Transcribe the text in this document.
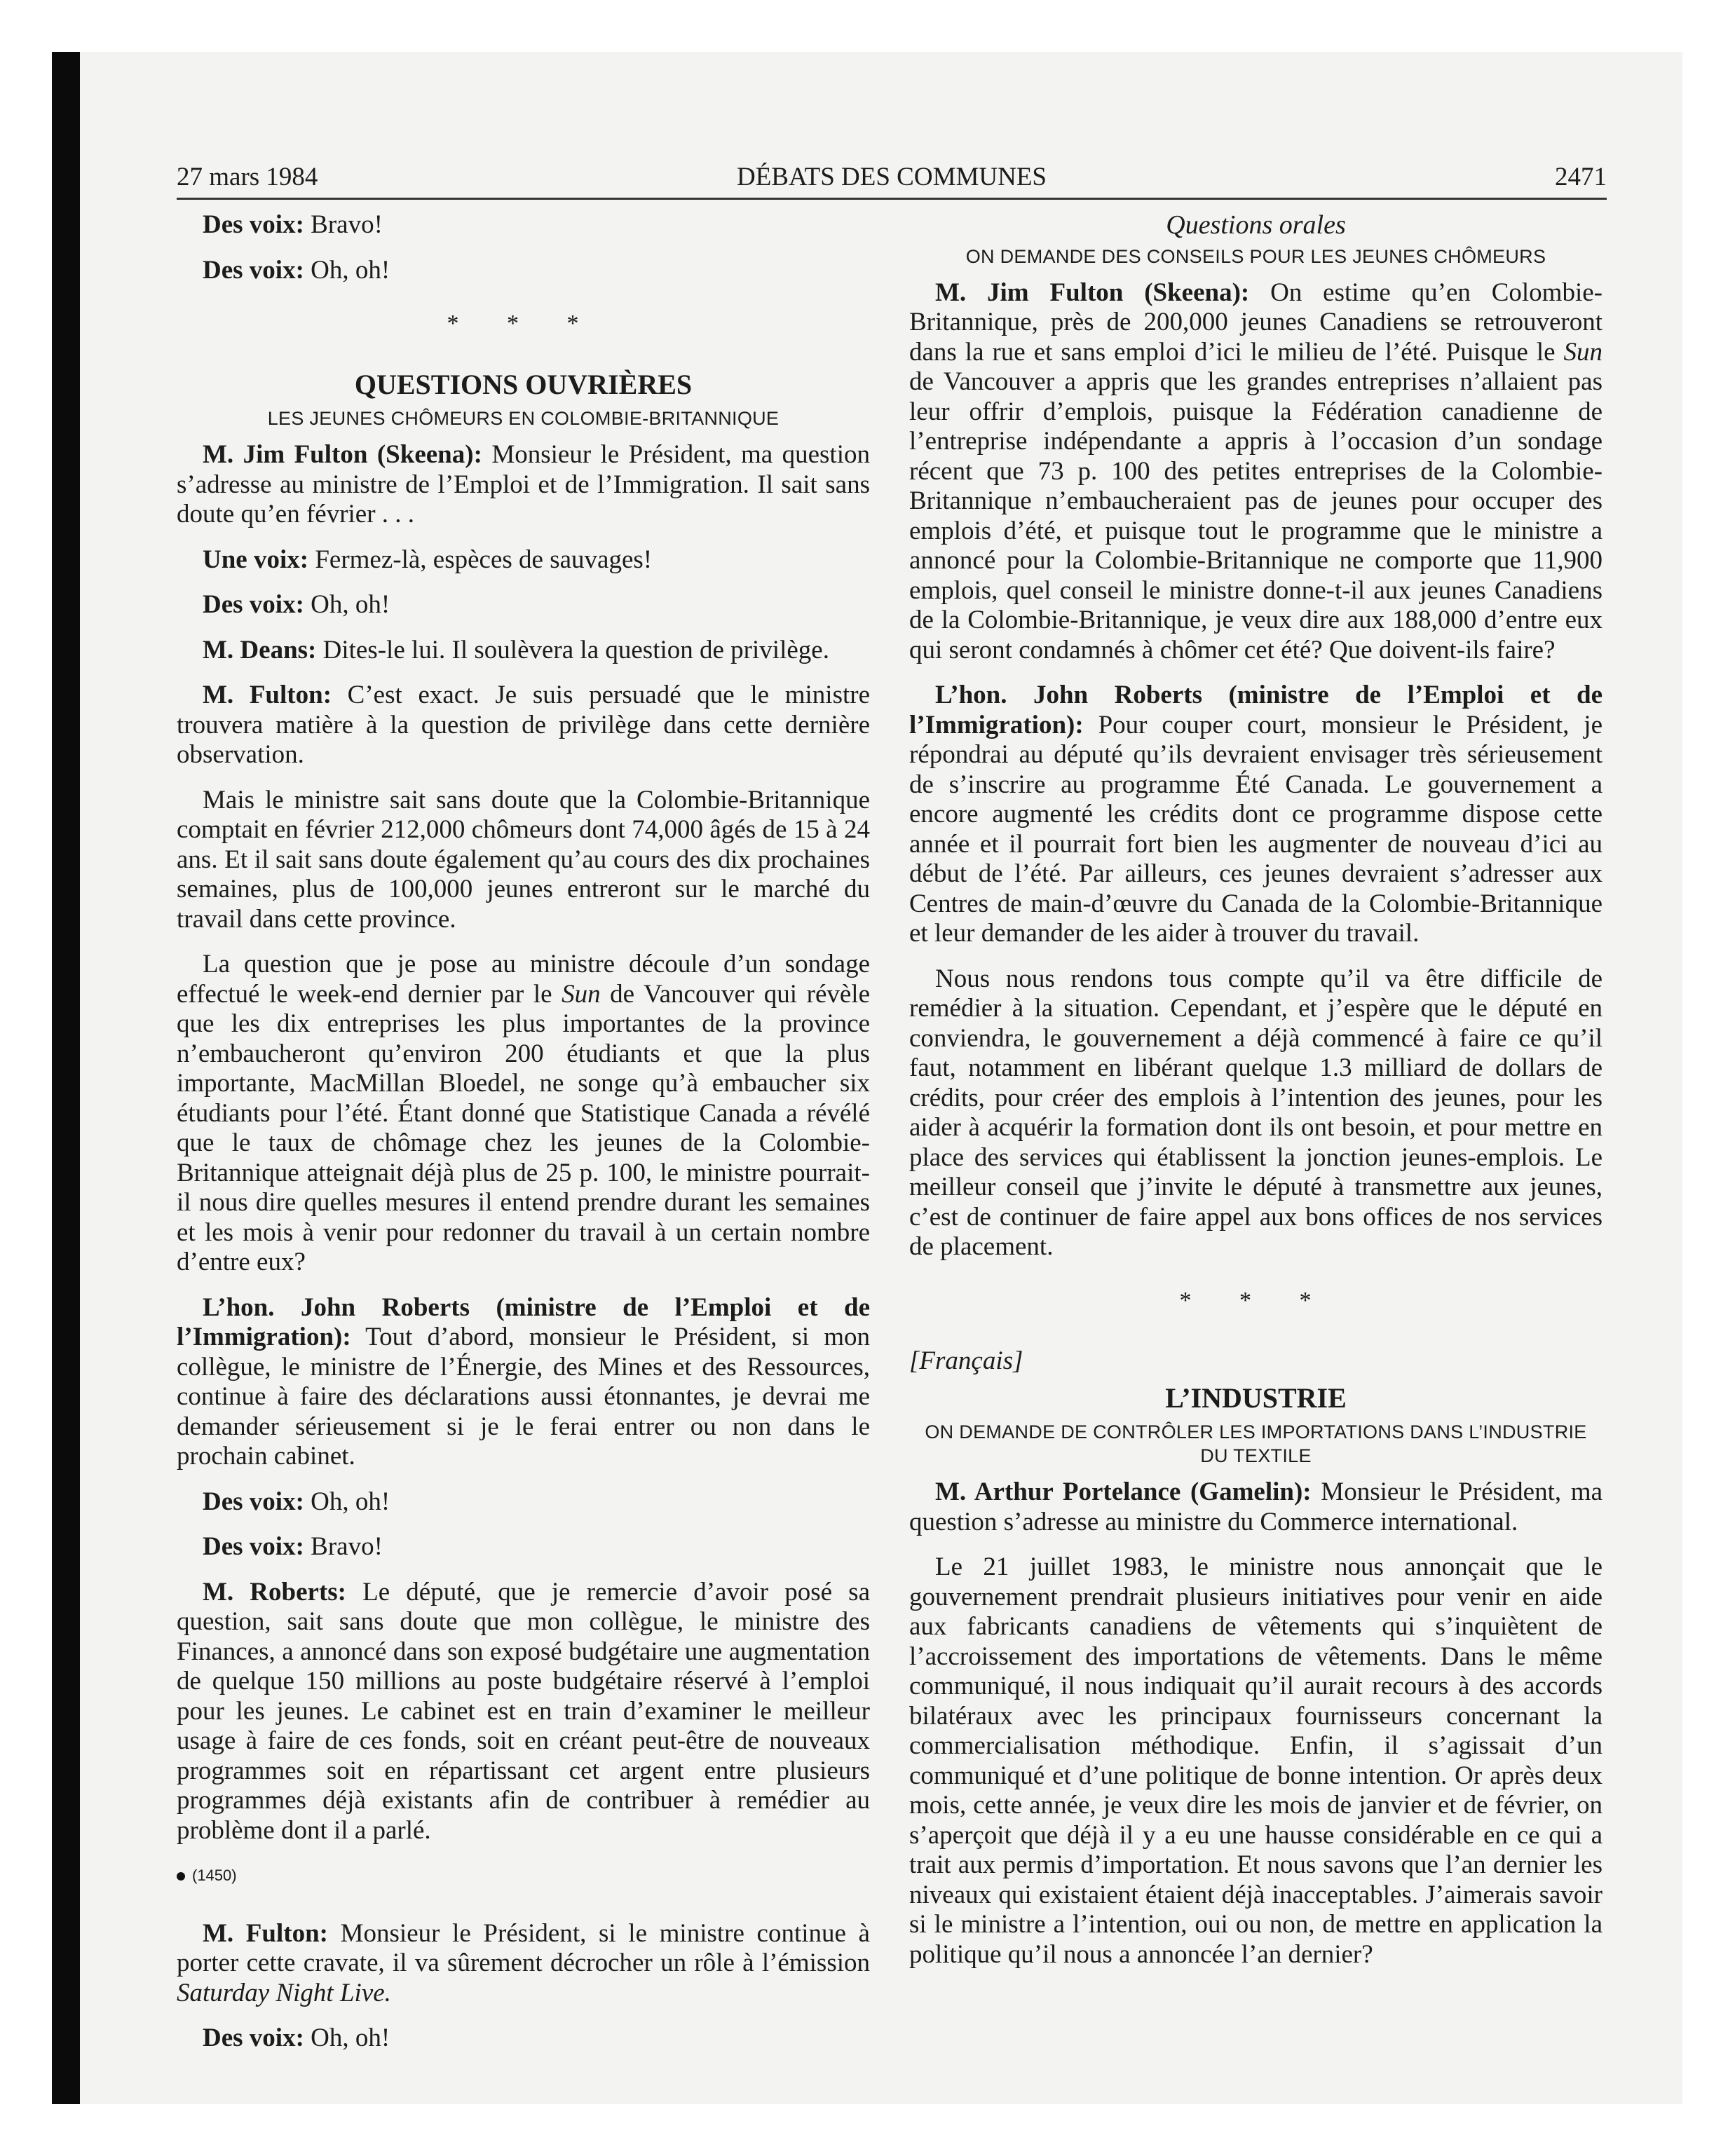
DÉBATS DES COMMUNES
27 mars 1984	2471

Des voix: Bravo!

Des voix: Oh, oh!

* * *
QUESTIONS OUVRIÈRES
LES JEUNES CHÔMEURS EN COLOMBIE-BRITANNIQUE

M. Jim Fulton (Skeena): Monsieur le Président, ma question s’adresse au ministre de l’Emploi et de l’Immigration. Il sait sans doute qu’en février . . .

Une voix: Fermez-là, espèces de sauvages!

Des voix: Oh, oh!

M. Deans: Dites-le lui. Il soulèvera la question de privilège.

M. Fulton: C’est exact. Je suis persuadé que le ministre trouvera matière à la question de privilège dans cette dernière observation.

Mais le ministre sait sans doute que la Colombie-Britannique comptait en février 212,000 chômeurs dont 74,000 âgés de 15 à 24 ans. Et il sait sans doute également qu’au cours des dix prochaines semaines, plus de 100,000 jeunes entreront sur le marché du travail dans cette province.

La question que je pose au ministre découle d’un sondage effectué le week-end dernier par le Sun de Vancouver qui révèle que les dix entreprises les plus importantes de la province n’embaucheront qu’environ 200 étudiants et que la plus importante, MacMillan Bloedel, ne songe qu’à embaucher six étudiants pour l’été. Étant donné que Statistique Canada a révélé que le taux de chômage chez les jeunes de la Colombie-Britannique atteignait déjà plus de 25 p. 100, le ministre pourrait-il nous dire quelles mesures il entend prendre durant les semaines et les mois à venir pour redonner du travail à un certain nombre d’entre eux?

L’hon. John Roberts (ministre de l’Emploi et de l’Immigration): Tout d’abord, monsieur le Président, si mon collègue, le ministre de l’Énergie, des Mines et des Ressources, continue à faire des déclarations aussi étonnantes, je devrai me demander sérieusement si je le ferai entrer ou non dans le prochain cabinet.

Des voix: Oh, oh!

Des voix: Bravo!

M. Roberts: Le député, que je remercie d’avoir posé sa question, sait sans doute que mon collègue, le ministre des Finances, a annoncé dans son exposé budgétaire une augmentation de quelque 150 millions au poste budgétaire réservé à l’emploi pour les jeunes. Le cabinet est en train d’examiner le meilleur usage à faire de ces fonds, soit en créant peut-être de nouveaux programmes soit en répartissant cet argent entre plusieurs programmes déjà existants afin de contribuer à remédier au problème dont il a parlé.

(1450)

M. Fulton: Monsieur le Président, si le ministre continue à porter cette cravate, il va sûrement décrocher un rôle à l’émission Saturday Night Live.

Des voix: Oh, oh!

Questions orales
ON DEMANDE DES CONSEILS POUR LES JEUNES CHÔMEURS

M. Jim Fulton (Skeena): On estime qu’en Colombie-Britannique, près de 200,000 jeunes Canadiens se retrouveront dans la rue et sans emploi d’ici le milieu de l’été. Puisque le Sun de Vancouver a appris que les grandes entreprises n’allaient pas leur offrir d’emplois, puisque la Fédération canadienne de l’entreprise indépendante a appris à l’occasion d’un sondage récent que 73 p. 100 des petites entreprises de la Colombie-Britannique n’embaucheraient pas de jeunes pour occuper des emplois d’été, et puisque tout le programme que le ministre a annoncé pour la Colombie-Britannique ne comporte que 11,900 emplois, quel conseil le ministre donne-t-il aux jeunes Canadiens de la Colombie-Britannique, je veux dire aux 188,000 d’entre eux qui seront condamnés à chômer cet été? Que doivent-ils faire?

L’hon. John Roberts (ministre de l’Emploi et de l’Immigration): Pour couper court, monsieur le Président, je répondrai au député qu’ils devraient envisager très sérieusement de s’inscrire au programme Été Canada. Le gouvernement a encore augmenté les crédits dont ce programme dispose cette année et il pourrait fort bien les augmenter de nouveau d’ici au début de l’été. Par ailleurs, ces jeunes devraient s’adresser aux Centres de main-d’œuvre du Canada de la Colombie-Britannique et leur demander de les aider à trouver du travail.

Nous nous rendons tous compte qu’il va être difficile de remédier à la situation. Cependant, et j’espère que le député en conviendra, le gouvernement a déjà commencé à faire ce qu’il faut, notamment en libérant quelque 1.3 milliard de dollars de crédits, pour créer des emplois à l’intention des jeunes, pour les aider à acquérir la formation dont ils ont besoin, et pour mettre en place des services qui établissent la jonction jeunes-emplois. Le meilleur conseil que j’invite le député à transmettre aux jeunes, c’est de continuer de faire appel aux bons offices de nos services de placement.

* * *
[Français]
L’INDUSTRIE
ON DEMANDE DE CONTRÔLER LES IMPORTATIONS DANS L’INDUSTRIE DU TEXTILE

M. Arthur Portelance (Gamelin): Monsieur le Président, ma question s’adresse au ministre du Commerce international.

Le 21 juillet 1983, le ministre nous annonçait que le gouvernement prendrait plusieurs initiatives pour venir en aide aux fabricants canadiens de vêtements qui s’inquiètent de l’accroissement des importations de vêtements. Dans le même communiqué, il nous indiquait qu’il aurait recours à des accords bilatéraux avec les principaux fournisseurs concernant la commercialisation méthodique. Enfin, il s’agissait d’un communiqué et d’une politique de bonne intention. Or après deux mois, cette année, je veux dire les mois de janvier et de février, on s’aperçoit que déjà il y a eu une hausse considérable en ce qui a trait aux permis d’importation. Et nous savons que l’an dernier les niveaux qui existaient étaient déjà inacceptables. J’aimerais savoir si le ministre a l’intention, oui ou non, de mettre en application la politique qu’il nous a annoncée l’an dernier?
